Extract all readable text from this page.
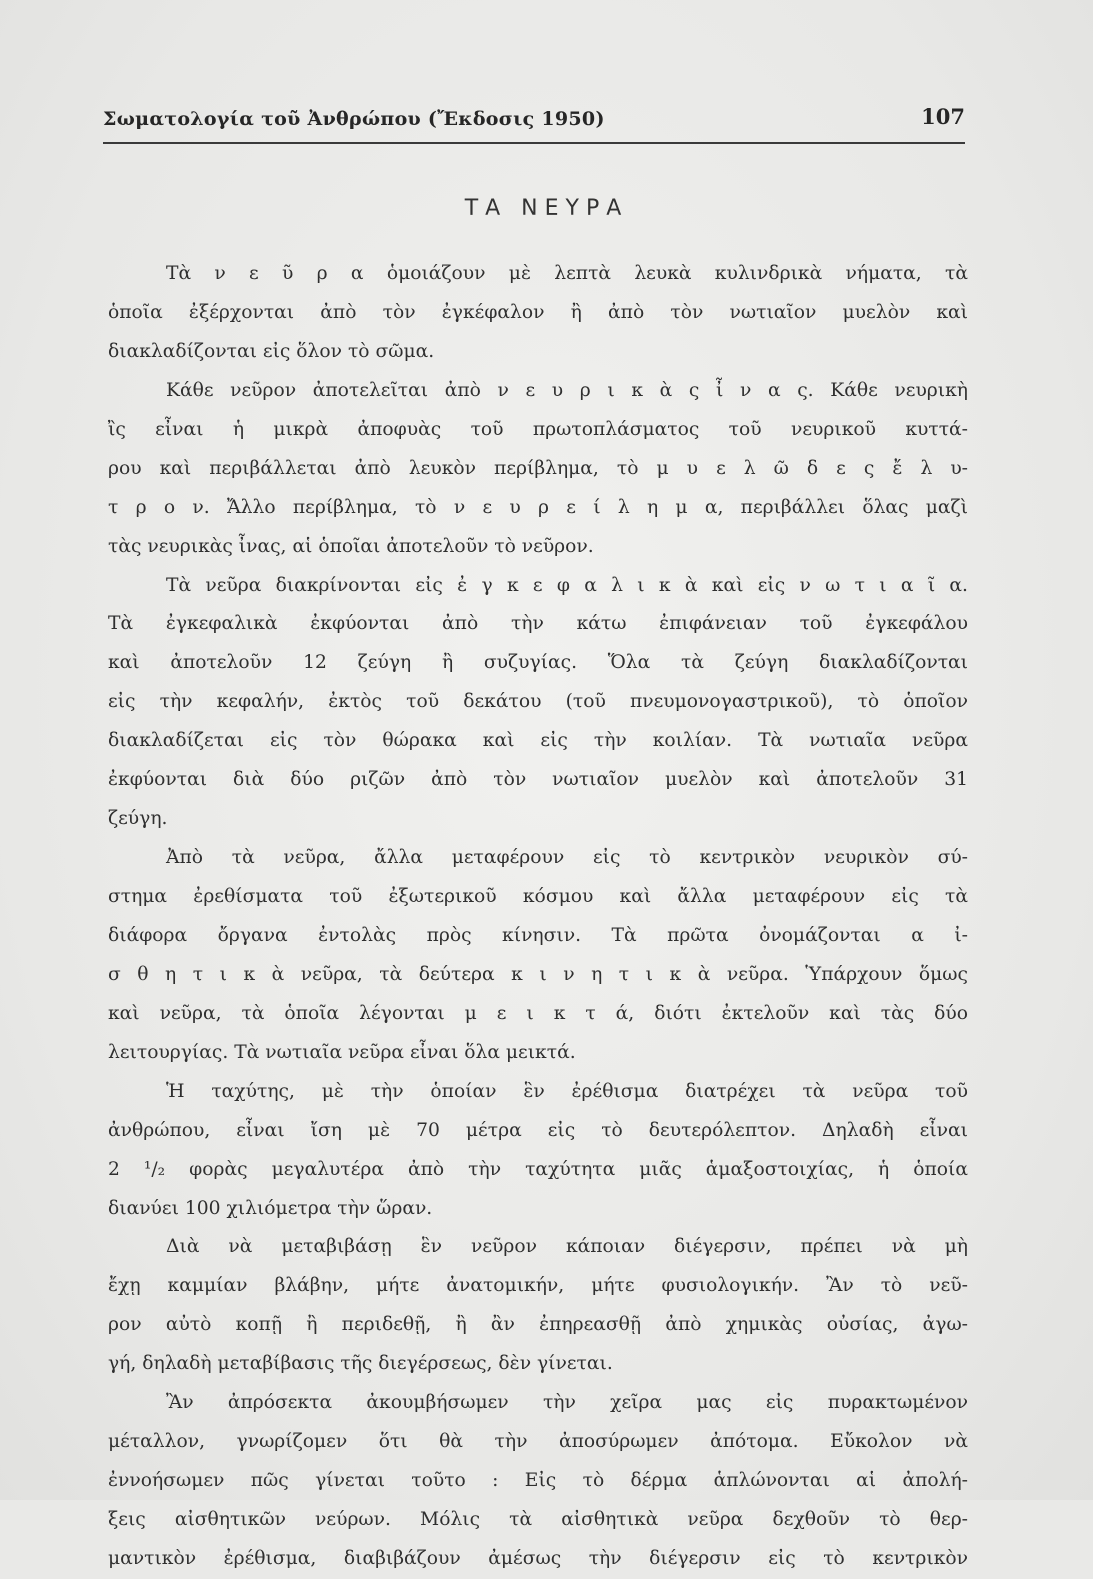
Σωματολογία τοῦ Ἀνθρώπου (Ἔκδοσις 1950)	107
ΤΑ ΝΕΥΡΑ
Τὰ ν ε ῦ ρ α ὁμοιάζουν μὲ λεπτὰ λευκὰ κυλινδρικὰ νήματα, τὰ
ὁποῖα ἐξέρχονται ἀπὸ τὸν ἐγκέφαλον ἢ ἀπὸ τὸν νωτιαῖον μυελὸν καὶ
διακλαδίζονται εἰς ὅλον τὸ σῶμα.
Κάθε νεῦρον ἀποτελεῖται ἀπὸ ν ε υ ρ ι κ ὰ ς ἶ ν α ς. Κάθε νευρικὴ
ἲς εἶναι ἡ μικρὰ ἀποφυὰς τοῦ πρωτοπλάσματος τοῦ νευρικοῦ κυττά-
ρου καὶ περιβάλλεται ἀπὸ λευκὸν περίβλημα, τὸ μ υ ε λ ῶ δ ε ς ἔ λ υ-
τ ρ ο ν. Ἄλλο περίβλημα, τὸ ν ε υ ρ ε ί λ η μ α, περιβάλλει ὅλας μαζὶ
τὰς νευρικὰς ἶνας, αἱ ὁποῖαι ἀποτελοῦν τὸ νεῦρον.
Τὰ νεῦρα διακρίνονται εἰς ἐ γ κ ε φ α λ ι κ ὰ καὶ εἰς ν ω τ ι α ῖ α.
Τὰ ἐγκεφαλικὰ ἐκφύονται ἀπὸ τὴν κάτω ἐπιφάνειαν τοῦ ἐγκεφάλου
καὶ ἀποτελοῦν 12 ζεύγη ἢ συζυγίας. Ὅλα τὰ ζεύγη διακλαδίζονται
εἰς τὴν κεφαλήν, ἐκτὸς τοῦ δεκάτου (τοῦ πνευμονογαστρικοῦ), τὸ ὁποῖον
διακλαδίζεται εἰς τὸν θώρακα καὶ εἰς τὴν κοιλίαν. Τὰ νωτιαῖα νεῦρα
ἐκφύονται διὰ δύο ριζῶν ἀπὸ τὸν νωτιαῖον μυελὸν καὶ ἀποτελοῦν 31
ζεύγη.
Ἀπὸ τὰ νεῦρα, ἄλλα μεταφέρουν εἰς τὸ κεντρικὸν νευρικὸν σύ-
στημα ἐρεθίσματα τοῦ ἐξωτερικοῦ κόσμου καὶ ἄλλα μεταφέρουν εἰς τὰ
διάφορα ὄργανα ἐντολὰς πρὸς κίνησιν. Τὰ πρῶτα ὀνομάζονται α ἰ-
σ θ η τ ι κ ὰ νεῦρα, τὰ δεύτερα κ ι ν η τ ι κ ὰ νεῦρα. Ὑπάρχουν ὅμως
καὶ νεῦρα, τὰ ὁποῖα λέγονται μ ε ι κ τ ά, διότι ἐκτελοῦν καὶ τὰς δύο
λειτουργίας. Τὰ νωτιαῖα νεῦρα εἶναι ὅλα μεικτά.
Ἡ ταχύτης, μὲ τὴν ὁποίαν ἓν ἐρέθισμα διατρέχει τὰ νεῦρα τοῦ
ἀνθρώπου, εἶναι ἴση μὲ 70 μέτρα εἰς τὸ δευτερόλεπτον. Δηλαδὴ εἶναι
2 ¹/₂ φορὰς μεγαλυτέρα ἀπὸ τὴν ταχύτητα μιᾶς ἁμαξοστοιχίας, ἡ ὁποία
διανύει 100 χιλιόμετρα τὴν ὥραν.
Διὰ νὰ μεταβιβάσῃ ἓν νεῦρον κάποιαν διέγερσιν, πρέπει νὰ μὴ
ἔχῃ καμμίαν βλάβην, μήτε ἀνατομικήν, μήτε φυσιολογικήν. Ἂν τὸ νεῦ-
ρον αὐτὸ κοπῇ ἢ περιδεθῇ, ἢ ἂν ἐπηρεασθῇ ἀπὸ χημικὰς οὐσίας, ἀγω-
γή, δηλαδὴ μεταβίβασις τῆς διεγέρσεως, δὲν γίνεται.
Ἂν ἀπρόσεκτα ἀκουμβήσωμεν τὴν χεῖρα μας εἰς πυρακτωμένον
μέταλλον, γνωρίζομεν ὅτι θὰ τὴν ἀποσύρωμεν ἀπότομα. Εὔκολον νὰ
ἐννοήσωμεν πῶς γίνεται τοῦτο : Εἰς τὸ δέρμα ἁπλώνονται αἱ ἀπολή-
ξεις αἰσθητικῶν νεύρων. Μόλις τὰ αἰσθητικὰ νεῦρα δεχθοῦν τὸ θερ-
μαντικὸν ἐρέθισμα, διαβιβάζουν ἀμέσως τὴν διέγερσιν εἰς τὸ κεντρικὸν
